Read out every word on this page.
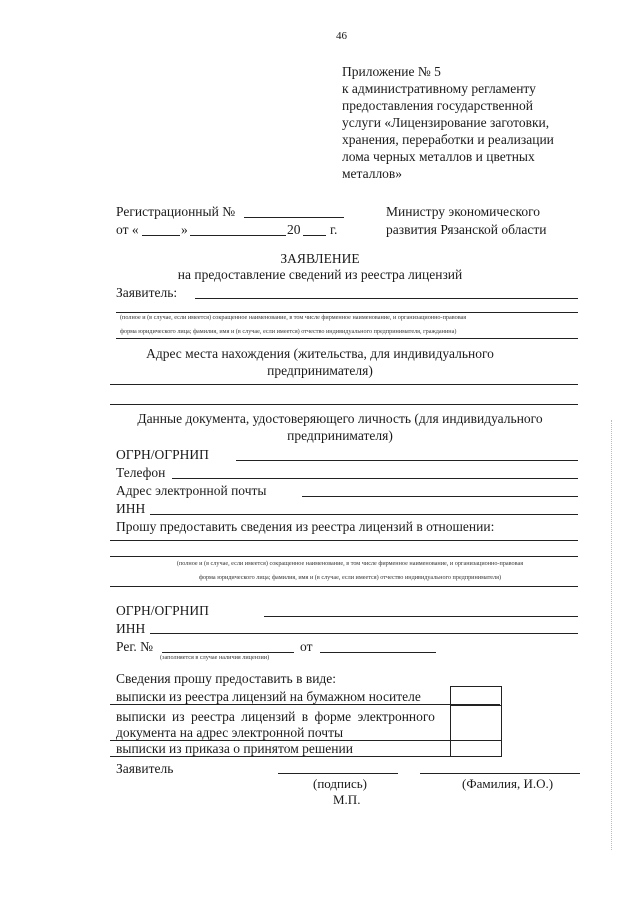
46
Приложение № 5
к административному регламенту
предоставления государственной
услуги «Лицензирование заготовки,
хранения, переработки и реализации
лома черных металлов и цветных
металлов»
Регистрационный №
от «	»	20 г.
Министру экономического
развития Рязанской области
ЗАЯВЛЕНИЕ
на предоставление сведений из реестра лицензий
Заявитель:
(полное и (в случае, если имеется) сокращенное наименование, в том числе фирменное наименование, и организационно-правовая
форма юридического лица; фамилия, имя и (в случае, если имеется) отчество индивидуального предпринимателя, гражданина)
Адрес места нахождения (жительства, для индивидуального
предпринимателя)
Данные документа, удостоверяющего личность (для индивидуального
предпринимателя)
ОГРН/ОГРНИП
Телефон
Адрес электронной почты
ИНН
Прошу предоставить сведения из реестра лицензий в отношении:
(полное и (в случае, если имеется) сокращенное наименование, в том числе фирменное наименование, и организационно-правовая
форма юридического лица; фамилия, имя и (в случае, если имеется) отчество индивидуального предпринимателя)
ОГРН/ОГРНИП
ИНН
Рег. №	от
(заполняется в случае наличия лицензии)
Сведения прошу предоставить в виде:
выписки из реестра лицензий на бумажном носителе
выписки из реестра лицензий в форме электронного
документа на адрес электронной почты
выписки из приказа о принятом решении
Заявитель
(подпись)	(Фамилия, И.О.)
М.П.
